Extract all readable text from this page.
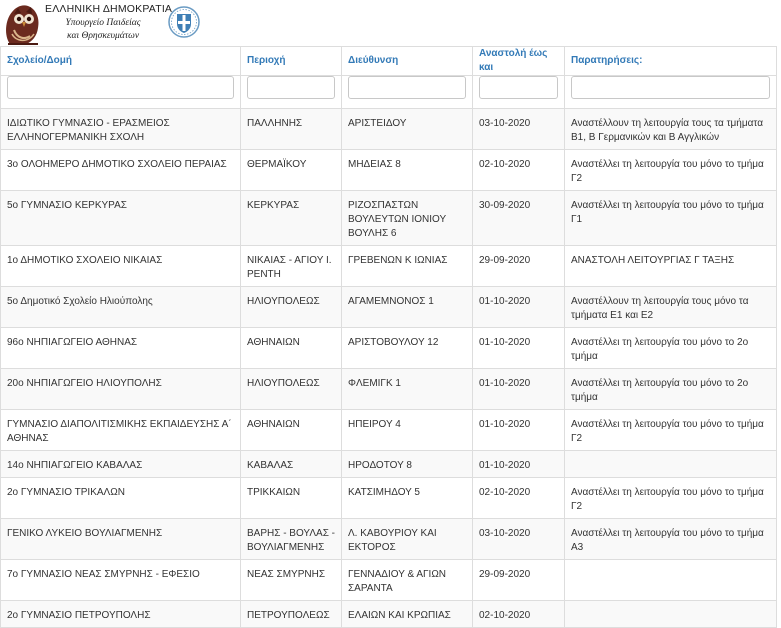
ΕΛΛΗΝΙΚΗ ΔΗΜΟΚΡΑΤΙΑ
Υπουργείο Παιδείας
και Θρησκευμάτων
Σχολείο/Δομή	Περιοχή	Διεύθυνση	Αναστολή έως και	Παρατηρήσεις:

ΙΔΙΩΤΙΚΟ ΓΥΜΝΑΣΙΟ - ΕΡΑΣΜΕΙΟΣ ΕΛΛΗΝΟΓΕΡΜΑΝΙΚΗ ΣΧΟΛΗ	ΠΑΛΛΗΝΗΣ	ΑΡΙΣΤΕΙΔΟΥ	03-10-2020	Αναστέλλουν τη λειτουργία τους τα τμήματα Β1, Β Γερμανικών και Β Αγγλικών
3ο ΟΛΟΗΜΕΡΟ ΔΗΜΟΤΙΚΟ ΣΧΟΛΕΙΟ ΠΕΡΑΙΑΣ	ΘΕΡΜΑΪΚΟΥ	ΜΗΔΕΙΑΣ 8	02-10-2020	Αναστέλλει τη λειτουργία του μόνο το τμήμα Γ2
5ο ΓΥΜΝΑΣΙΟ ΚΕΡΚΥΡΑΣ	ΚΕΡΚΥΡΑΣ	ΡΙΖΟΣΠΑΣΤΩΝ ΒΟΥΛΕΥΤΩΝ ΙΟΝΙΟΥ ΒΟΥΛΗΣ 6	30-09-2020	Αναστέλλει τη λειτουργία του μόνο το τμήμα Γ1
1ο ΔΗΜΟΤΙΚΟ ΣΧΟΛΕΙΟ ΝΙΚΑΙΑΣ	ΝΙΚΑΙΑΣ - ΑΓΙΟΥ Ι. ΡΕΝΤΗ	ΓΡΕΒΕΝΩΝ Κ ΙΩΝΙΑΣ	29-09-2020	ΑΝΑΣΤΟΛΗ ΛΕΙΤΟΥΡΓΙΑΣ Γ ΤΑΞΗΣ
5ο Δημοτικό Σχολείο Ηλιούπολης	ΗΛΙΟΥΠΟΛΕΩΣ	ΑΓΑΜΕΜΝΟΝΟΣ 1	01-10-2020	Αναστέλλουν τη λειτουργία τους μόνο τα τμήματα Ε1 και Ε2
96ο ΝΗΠΙΑΓΩΓΕΙΟ ΑΘΗΝΑΣ	ΑΘΗΝΑΙΩΝ	ΑΡΙΣΤΟΒΟΥΛΟΥ 12	01-10-2020	Αναστέλλει τη λειτουργία του μόνο το 2ο τμήμα
20ο ΝΗΠΙΑΓΩΓΕΙΟ ΗΛΙΟΥΠΟΛΗΣ	ΗΛΙΟΥΠΟΛΕΩΣ	ΦΛΕΜΙΓΚ 1	01-10-2020	Αναστέλλει τη λειτουργία του μόνο το 2ο τμήμα
ΓΥΜΝΑΣΙΟ ΔΙΑΠΟΛΙΤΙΣΜΙΚΗΣ ΕΚΠΑΙΔΕΥΣΗΣ Α΄ ΑΘΗΝΑΣ	ΑΘΗΝΑΙΩΝ	ΗΠΕΙΡΟΥ 4	01-10-2020	Αναστέλλει τη λειτουργία του μόνο το τμήμα Γ2
14ο ΝΗΠΙΑΓΩΓΕΙΟ ΚΑΒΑΛΑΣ	ΚΑΒΑΛΑΣ	ΗΡΟΔΟΤΟΥ 8	01-10-2020	
2ο ΓΥΜΝΑΣΙΟ ΤΡΙΚΑΛΩΝ	ΤΡΙΚΚΑΙΩΝ	ΚΑΤΣΙΜΗΔΟΥ 5	02-10-2020	Αναστέλλει τη λειτουργία του μόνο το τμήμα Γ2
ΓΕΝΙΚΟ ΛΥΚΕΙΟ ΒΟΥΛΙΑΓΜΕΝΗΣ	ΒΑΡΗΣ - ΒΟΥΛΑΣ - ΒΟΥΛΙΑΓΜΕΝΗΣ	Λ. ΚΑΒΟΥΡΙΟΥ ΚΑΙ ΕΚΤΟΡΟΣ	03-10-2020	Αναστέλλει τη λειτουργία του μόνο το τμήμα Α3
7ο ΓΥΜΝΑΣΙΟ ΝΕΑΣ ΣΜΥΡΝΗΣ - ΕΦΕΣΙΟ	ΝΕΑΣ ΣΜΥΡΝΗΣ	ΓΕΝΝΑΔΙΟΥ & ΑΓΙΩΝ ΣΑΡΑΝΤΑ	29-09-2020	
2ο ΓΥΜΝΑΣΙΟ ΠΕΤΡΟΥΠΟΛΗΣ	ΠΕΤΡΟΥΠΟΛΕΩΣ	ΕΛΑΙΩΝ ΚΑΙ ΚΡΩΠΙΑΣ	02-10-2020	
